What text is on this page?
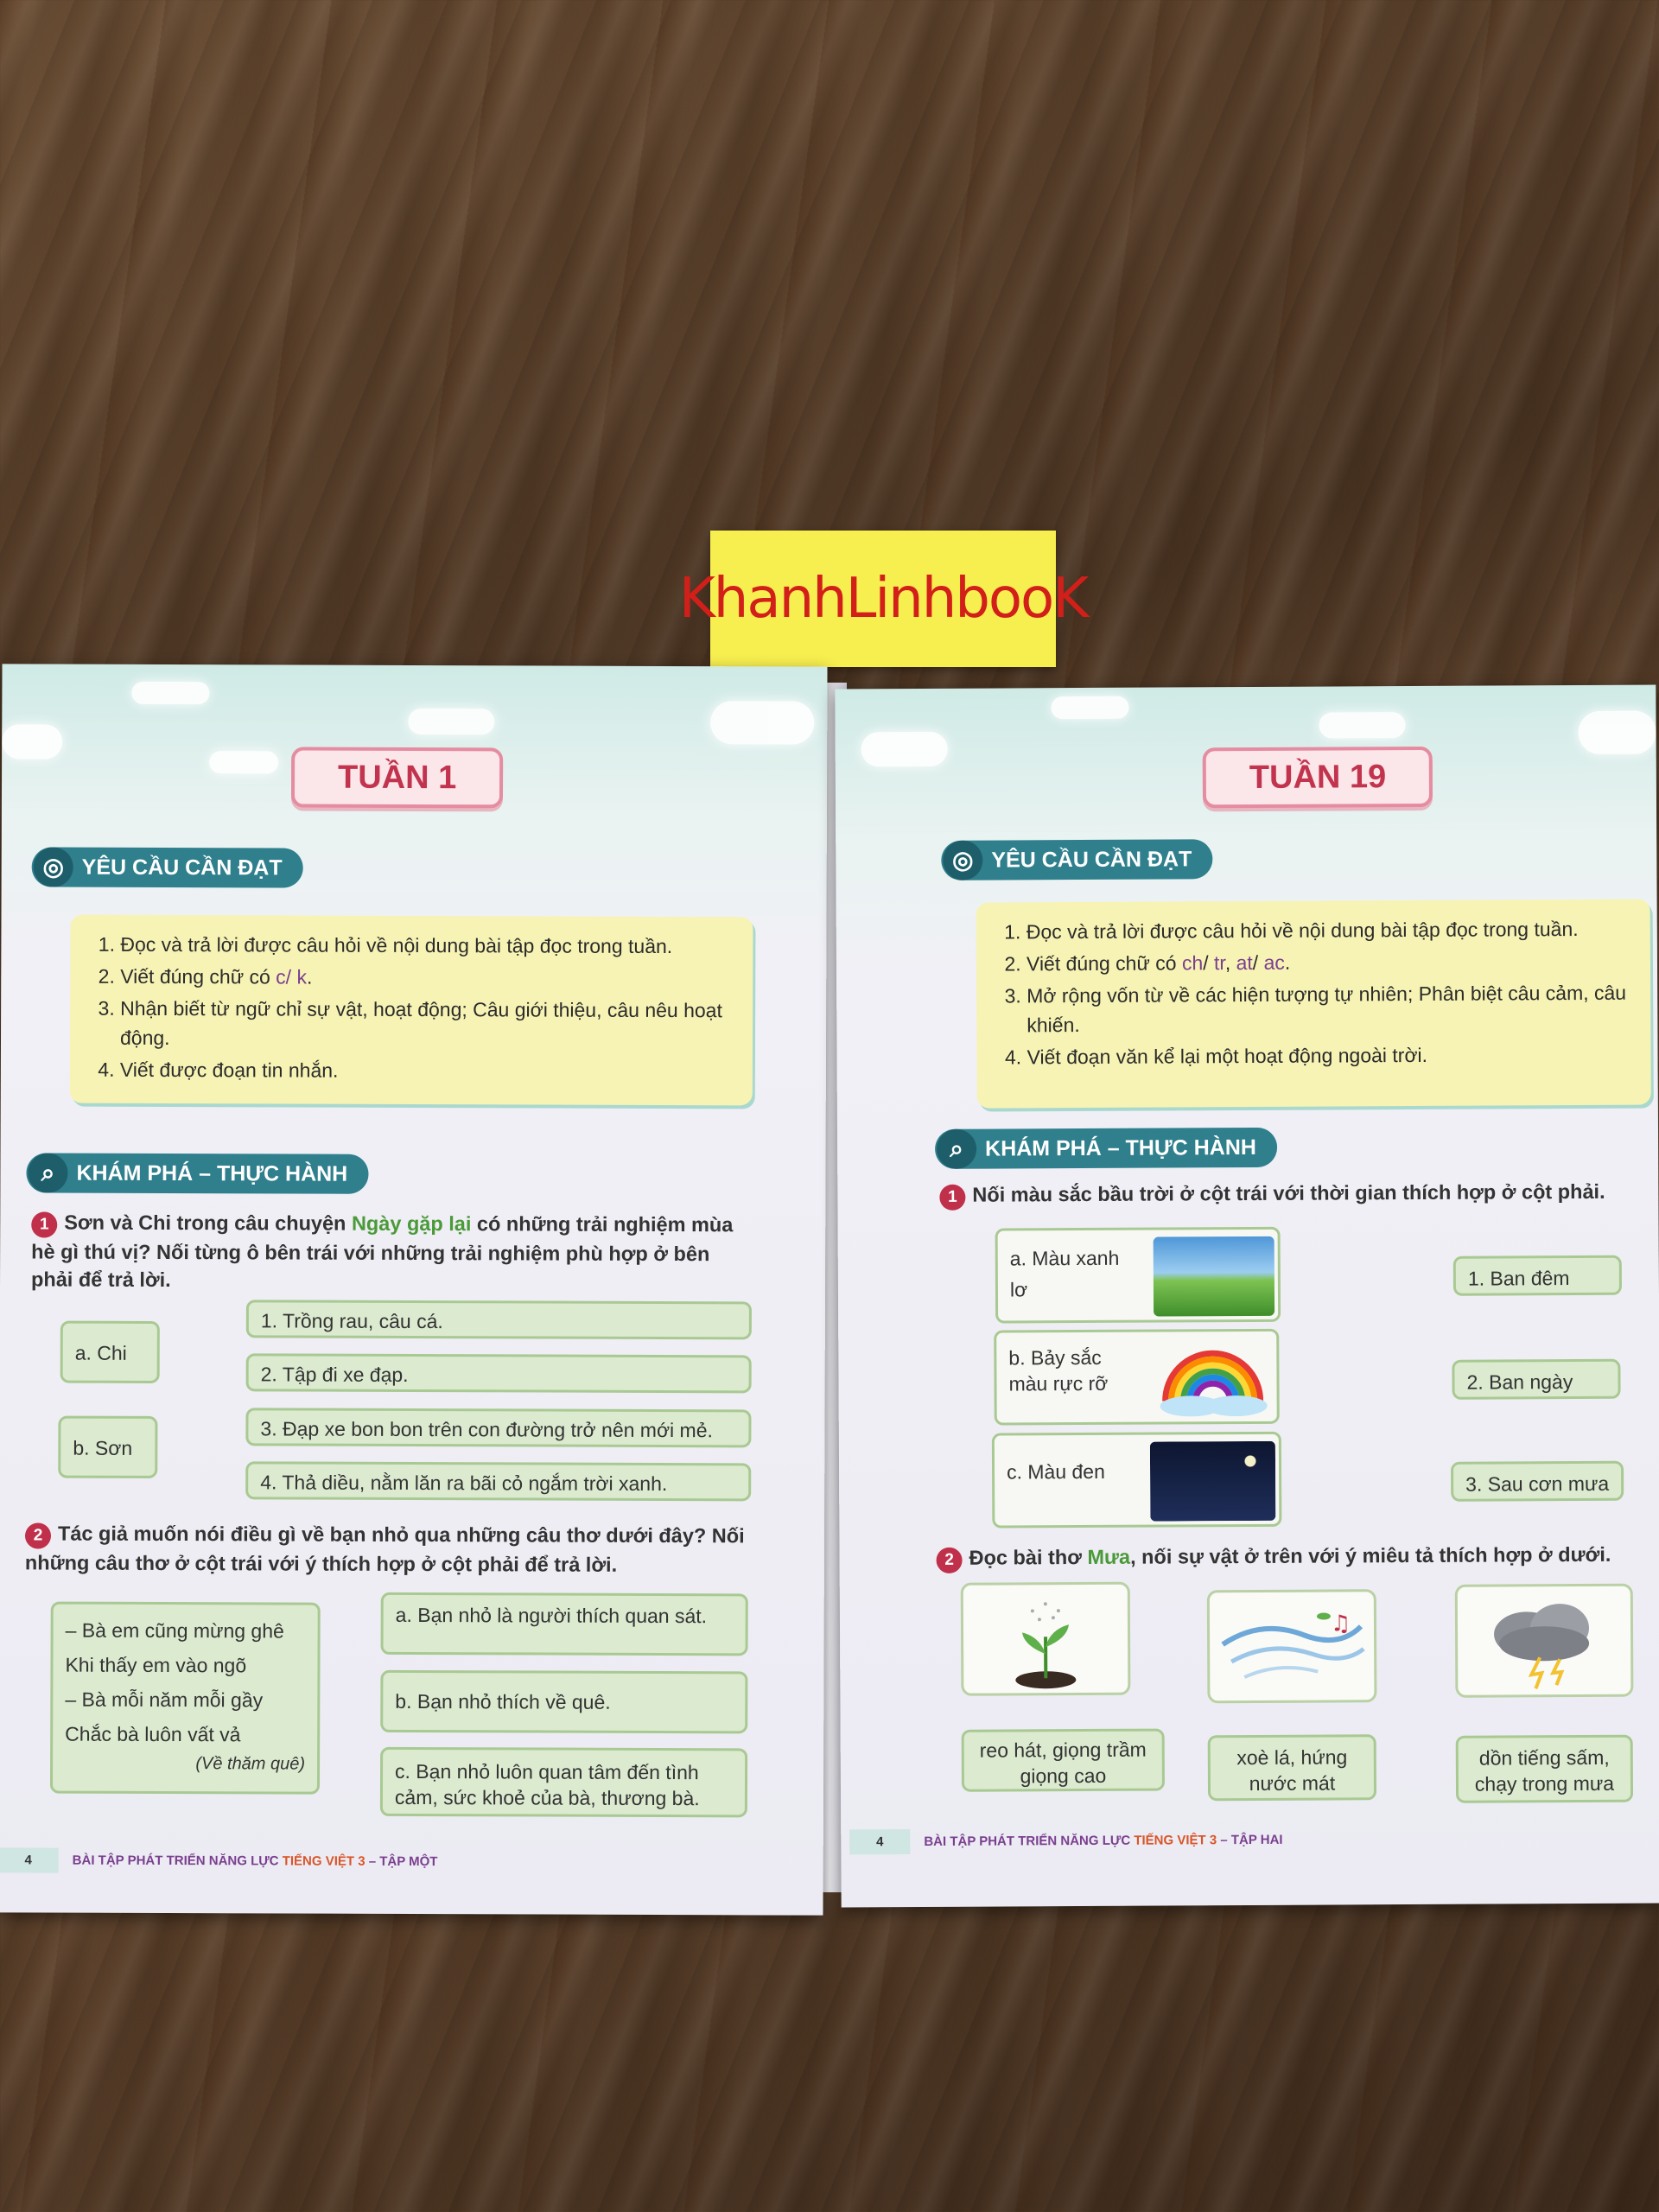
KhanhLinhbooK
TUẦN 1
◎ YÊU CẦU CẦN ĐẠT
1. Đọc và trả lời được câu hỏi về nội dung bài tập đọc trong tuần.
2. Viết đúng chữ có c/ k.
3. Nhận biết từ ngữ chỉ sự vật, hoạt động; Câu giới thiệu, câu nêu hoạt động.
4. Viết được đoạn tin nhắn.
⌕	KHÁM PHÁ – THỰC HÀNH
1 Sơn và Chi trong câu chuyện Ngày gặp lại có những trải nghiệm mùa hè gì thú vị? Nối từng ô bên trái với những trải nghiệm phù hợp ở bên phải để trả lời.
a. Chi
b. Sơn
1. Trồng rau, câu cá.
2. Tập đi xe đạp.
3. Đạp xe bon bon trên con đường trở nên mới mẻ.
4. Thả diều, nằm lăn ra bãi cỏ ngắm trời xanh.
2 Tác giả muốn nói điều gì về bạn nhỏ qua những câu thơ dưới đây? Nối những câu thơ ở cột trái với ý thích hợp ở cột phải để trả lời.
– Bà em cũng mừng ghê
Khi thấy em vào ngõ
– Bà mỗi năm mỗi gầy
Chắc bà luôn vất vả
(Về thăm quê)
a. Bạn nhỏ là người thích quan sát.
b. Bạn nhỏ thích về quê.
c. Bạn nhỏ luôn quan tâm đến tình cảm, sức khoẻ của bà, thương bà.
4	BÀI TẬP PHÁT TRIỂN NĂNG LỰC TIẾNG VIỆT 3 – TẬP MỘT
TUẦN 19
◎ YÊU CẦU CẦN ĐẠT
1. Đọc và trả lời được câu hỏi về nội dung bài tập đọc trong tuần.
2. Viết đúng chữ có ch/ tr, at/ ac.
3. Mở rộng vốn từ về các hiện tượng tự nhiên; Phân biệt câu cảm, câu khiến.
4. Viết đoạn văn kể lại một hoạt động ngoài trời.
⌕	KHÁM PHÁ – THỰC HÀNH
1 Nối màu sắc bầu trời ở cột trái với thời gian thích hợp ở cột phải.
a. Màu xanh lơ
b. Bảy sắc màu rực rỡ
c. Màu đen
1. Ban đêm
2. Ban ngày
3. Sau cơn mưa
2 Đọc bài thơ Mưa, nối sự vật ở trên với ý miêu tả thích hợp ở dưới.
♫
reo hát, giọng trầm giọng cao
xoè lá, hứng nước mát
dồn tiếng sấm, chạy trong mưa
4	BÀI TẬP PHÁT TRIỂN NĂNG LỰC TIẾNG VIỆT 3 – TẬP HAI
